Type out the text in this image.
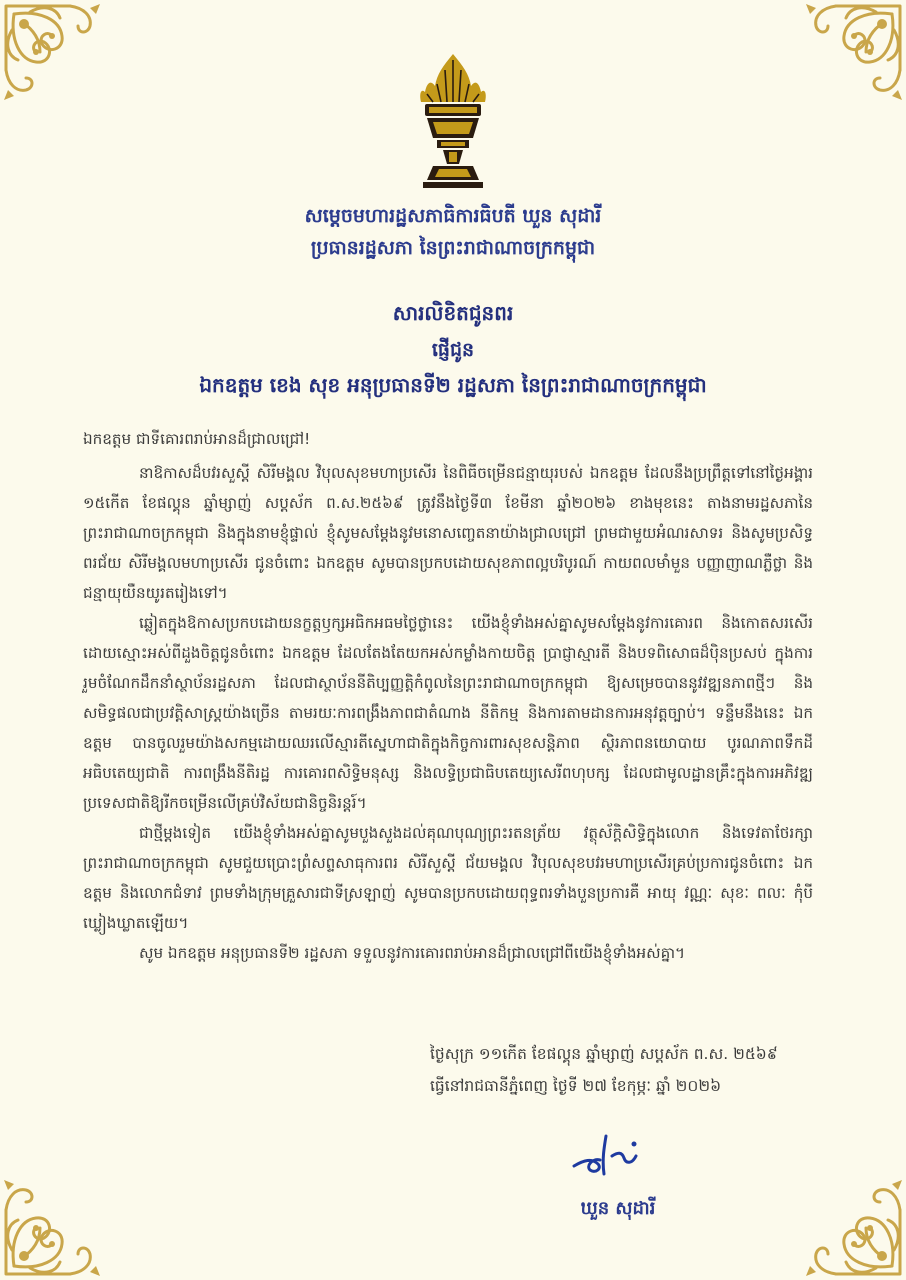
សម្តេចមហារដ្ឋសភាធិការធិបតី ឃួន សុដារី
ប្រធានរដ្ឋសភា នៃព្រះរាជាណាចក្រកម្ពុជា
សារលិខិតជូនពរ
ផ្ញើជូន
ឯកឧត្តម ខេង សុខ អនុប្រធានទី២ រដ្ឋសភា នៃព្រះរាជាណាចក្រកម្ពុជា

ឯកឧត្តម ជាទីគោរពរាប់អានដ៏ជ្រាលជ្រៅ!

នាឱកាសដ៏បវរសួស្តី សិរីមង្គល វិបុលសុខមហាប្រសើរ នៃពិធីចម្រើនជន្មាយុរបស់ ឯកឧត្តម ដែលនឹងប្រព្រឹត្តទៅនៅថ្ងៃអង្គារ ១៥កើត ខែផល្គុន ឆ្នាំម្សាញ់ សប្តស័ក ព.ស.២៥៦៩ ត្រូវនឹងថ្ងៃទី៣ ខែមីនា ឆ្នាំ២០២៦ ខាងមុខនេះ តាងនាមរដ្ឋសភានៃព្រះរាជាណាចក្រកម្ពុជា និងក្នុងនាមខ្ញុំផ្ទាល់ ខ្ញុំសូមសម្តែងនូវមនោសញ្ចេតនាយ៉ាងជ្រាលជ្រៅ ព្រមជាមួយអំណរសាទរ និងសូមប្រសិទ្ធពរជ័យ សិរីមង្គលមហាប្រសើរ ជូនចំពោះ ឯកឧត្តម សូមបានប្រកបដោយសុខភាពល្អបរិបូរណ៍ កាយពលមាំមួន បញ្ញាញាណភ្លឺថ្លា និងជន្មាយុយឺនយូរតរៀងទៅ។

ឆ្លៀតក្នុងឱកាសប្រកបដោយនក្ខត្តឫក្សអធិកអធមថ្លៃថ្លានេះ យើងខ្ញុំទាំងអស់គ្នាសូមសម្តែងនូវការគោរព និងកោតសរសើរដោយស្មោះអស់ពីដួងចិត្តជូនចំពោះ ឯកឧត្តម ដែលតែងតែយកអស់កម្លាំងកាយចិត្ត ប្រាជ្ញាស្មារតី និងបទពិសោធដ៏ប៉ិនប្រសប់ ក្នុងការរួមចំណែកដឹកនាំស្ថាប័នរដ្ឋសភា ដែលជាស្ថាប័ននីតិប្បញ្ញត្តិកំពូលនៃព្រះរាជាណាចក្រកម្ពុជា ឱ្យសម្រេចបាននូវវឌ្ឍនភាពថ្មីៗ និងសមិទ្ធផលជាប្រវត្តិសាស្ត្រយ៉ាងច្រើន តាមរយៈការពង្រឹងភាពជាតំណាង នីតិកម្ម និងការតាមដានការអនុវត្តច្បាប់។ ទន្ទឹមនឹងនេះ ឯកឧត្តម បានចូលរួមយ៉ាងសកម្មដោយឈរលើស្មារតីស្នេហាជាតិក្នុងកិច្ចការពារសុខសន្តិភាព ស្ថិរភាពនយោបាយ បូរណភាពទឹកដី អធិបតេយ្យជាតិ ការពង្រឹងនីតិរដ្ឋ ការគោរពសិទ្ធិមនុស្ស និងលទ្ធិប្រជាធិបតេយ្យសេរីពហុបក្ស ដែលជាមូលដ្ឋានគ្រឹះក្នុងការអភិវឌ្ឍប្រទេសជាតិឱ្យរីកចម្រើនលើគ្រប់វិស័យជានិច្ចនិរន្តរ៍។

ជាថ្មីម្តងទៀត យើងខ្ញុំទាំងអស់គ្នាសូមបួងសួងដល់គុណបុណ្យព្រះរតនត្រ័យ វត្ថុស័ក្តិសិទ្ធិក្នុងលោក និងទេវតាថែរក្សាព្រះរាជាណាចក្រកម្ពុជា សូមជួយប្រោះព្រំសព្ទសាធុការពរ សិរីសួស្តី ជ័យមង្គល វិបុលសុខបវរមហាប្រសើរគ្រប់ប្រការជូនចំពោះ ឯកឧត្តម និងលោកជំទាវ ព្រមទាំងក្រុមគ្រួសារជាទីស្រឡាញ់ សូមបានប្រកបដោយពុទ្ធពរទាំងបួនប្រការគឺ អាយុ វណ្ណៈ សុខៈ ពលៈ កុំបីឃ្លៀងឃ្លាតឡើយ។

សូម ឯកឧត្តម អនុប្រធានទី២ រដ្ឋសភា ទទួលនូវការគោរពរាប់អានដ៏ជ្រាលជ្រៅពីយើងខ្ញុំទាំងអស់គ្នា។

ថ្ងៃសុក្រ ១១កើត ខែផល្គុន ឆ្នាំម្សាញ់ សប្តស័ក ព.ស. ២៥៦៩
ធ្វើនៅរាជធានីភ្នំពេញ ថ្ងៃទី ២៧ ខែកុម្ភៈ ឆ្នាំ ២០២៦
ឃួន សុដារី
